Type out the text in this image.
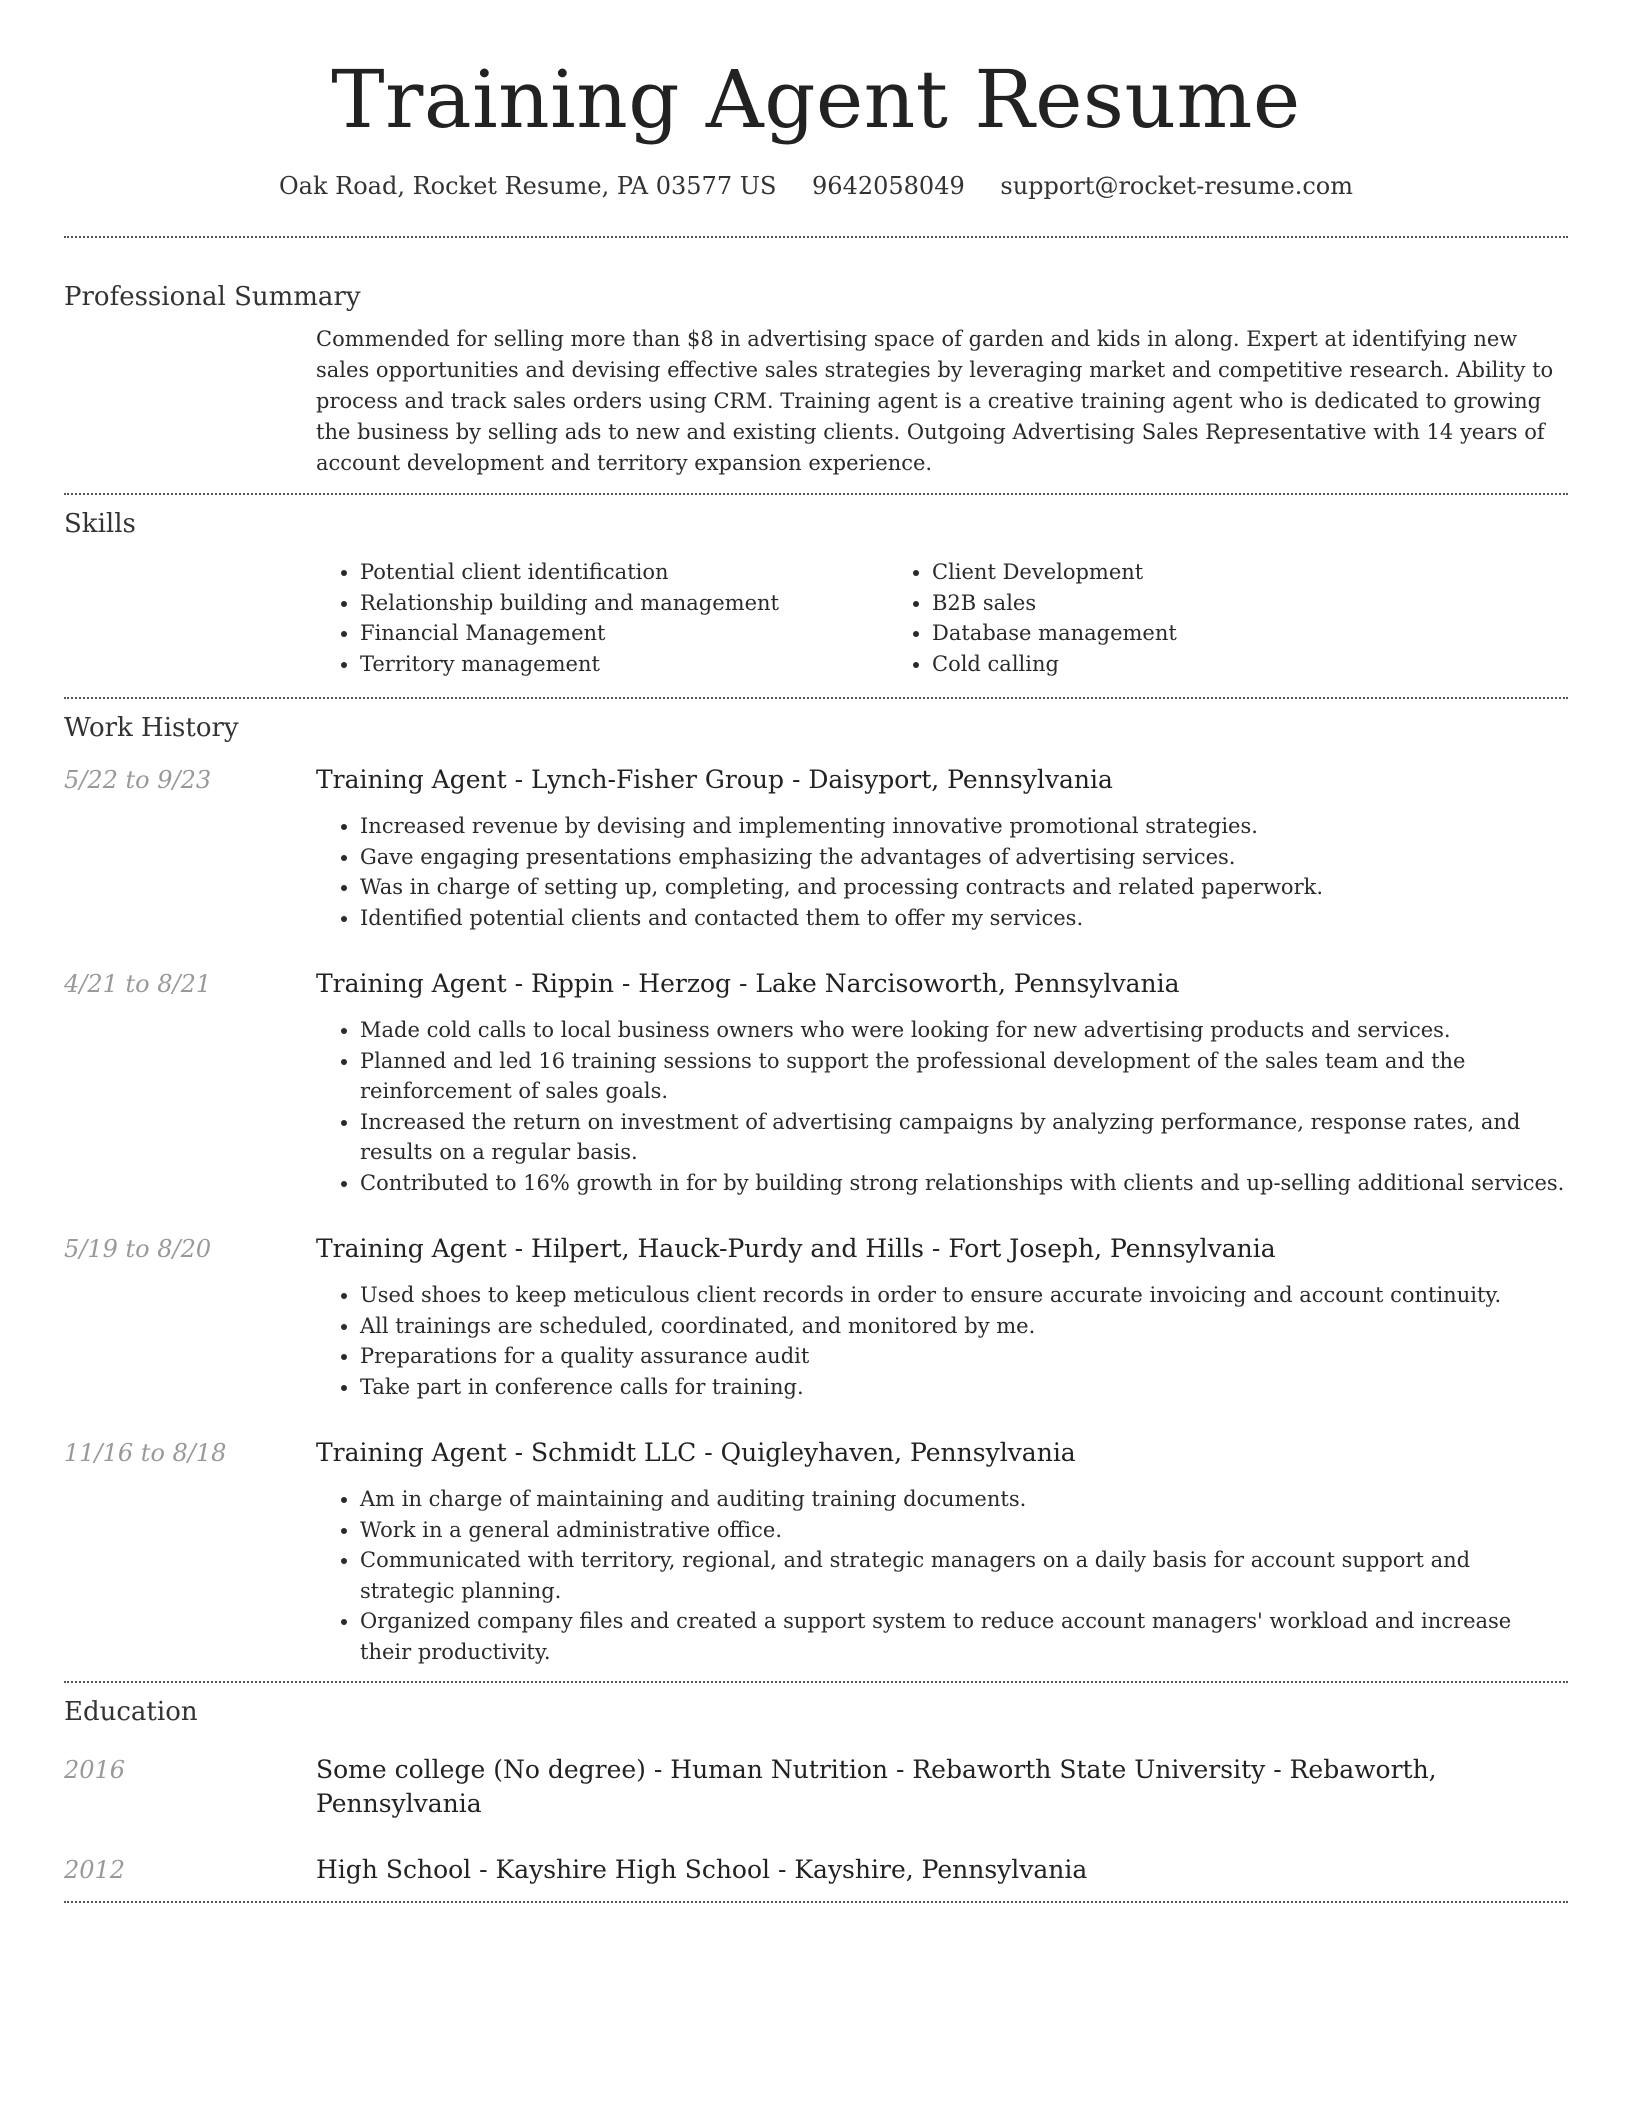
Training Agent Resume
Oak Road, Rocket Resume, PA 03577 US 9642058049 support@rocket-resume.com
Professional Summary

Commended for selling more than $8 in advertising space of garden and kids in along. Expert at identifying new sales opportunities and devising effective sales strategies by leveraging market and competitive research. Ability to process and track sales orders using CRM. Training agent is a creative training agent who is dedicated to growing the business by selling ads to new and existing clients. Outgoing Advertising Sales Representative with 14 years of account development and territory expansion experience.

Skills
• Potential client identification
• Relationship building and management
• Financial Management
• Territory management
• Client Development
• B2B sales
• Database management
• Cold calling
Work History
5/22 to 9/23	Training Agent - Lynch-Fisher Group - Daisyport, Pennsylvania
• Increased revenue by devising and implementing innovative promotional strategies.
• Gave engaging presentations emphasizing the advantages of advertising services.
• Was in charge of setting up, completing, and processing contracts and related paperwork.
• Identified potential clients and contacted them to offer my services.
4/21 to 8/21	Training Agent - Rippin - Herzog - Lake Narcisoworth, Pennsylvania
• Made cold calls to local business owners who were looking for new advertising products and services.
• Planned and led 16 training sessions to support the professional development of the sales team and the reinforcement of sales goals.
• Increased the return on investment of advertising campaigns by analyzing performance, response rates, and results on a regular basis.
• Contributed to 16% growth in for by building strong relationships with clients and up-selling additional services.
5/19 to 8/20	Training Agent - Hilpert, Hauck-Purdy and Hills - Fort Joseph, Pennsylvania
• Used shoes to keep meticulous client records in order to ensure accurate invoicing and account continuity.
• All trainings are scheduled, coordinated, and monitored by me.
• Preparations for a quality assurance audit
• Take part in conference calls for training.
11/16 to 8/18	Training Agent - Schmidt LLC - Quigleyhaven, Pennsylvania
• Am in charge of maintaining and auditing training documents.
• Work in a general administrative office.
• Communicated with territory, regional, and strategic managers on a daily basis for account support and strategic planning.
• Organized company files and created a support system to reduce account managers' workload and increase their productivity.
Education
2016	Some college (No degree) - Human Nutrition - Rebaworth State University - Rebaworth, Pennsylvania
2012	High School - Kayshire High School - Kayshire, Pennsylvania
